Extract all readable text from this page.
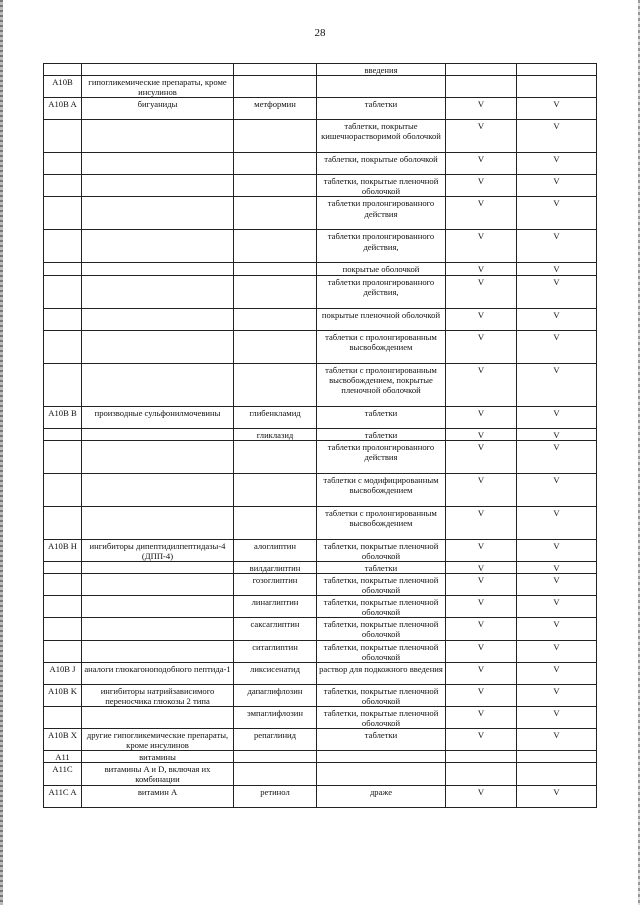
28
			введения		
A10B	гипогликемические препараты, кроме инсулинов				
A10B A	бигуаниды	метформин	таблетки	V	V
			таблетки, покрытые кишечнорастворимой оболочкой	V	V
			таблетки, покрытые оболочкой	V	V
			таблетки, покрытые пленочной оболочкой	V	V
			таблетки пролонгированного действия	V	V
			таблетки пролонгированного действия,	V	V
			покрытые оболочкой	V	V
			таблетки пролонгированного действия,	V	V
			покрытые пленочной оболочкой	V	V
			таблетки с пролонгированным высвобождением	V	V
			таблетки с пролонгированным высвобождением, покрытые пленочной оболочкой	V	V
A10B B	производные сульфонилмочевины	глибенкламид	таблетки	V	V
		гликлазид	таблетки	V	V
			таблетки пролонгированного действия	V	V
			таблетки с модифицированным высвобождением	V	V
			таблетки с пролонгированным высвобождением	V	V
A10B H	ингибиторы дипептидилпептидазы-4 (ДПП-4)	алоглиптин	таблетки, покрытые пленочной оболочкой	V	V
		вилдаглиптин	таблетки	V	V
		гозоглиптин	таблетки, покрытые пленочной оболочкой	V	V
		линаглиптин	таблетки, покрытые пленочной оболочкой	V	V
		саксаглиптин	таблетки, покрытые пленочной оболочкой	V	V
		ситаглиптин	таблетки, покрытые пленочной оболочкой	V	V
A10B J	аналоги глюкагоноподобного пептида-1	ликсисенатид	раствор для подкожного введения	V	V
A10B K	ингибиторы натрийзависимого переносчика глюкозы 2 типа	дапаглифлозин	таблетки, покрытые пленочной оболочкой	V	V
		эмпаглифлозин	таблетки, покрытые пленочной оболочкой	V	V
A10B X	другие гипогликемические препараты, кроме инсулинов	репаглинид	таблетки	V	V
A11	витамины				
A11C	витамины A и D, включая их комбинации				
A11C A	витамин A	ретинол	драже	V	V
